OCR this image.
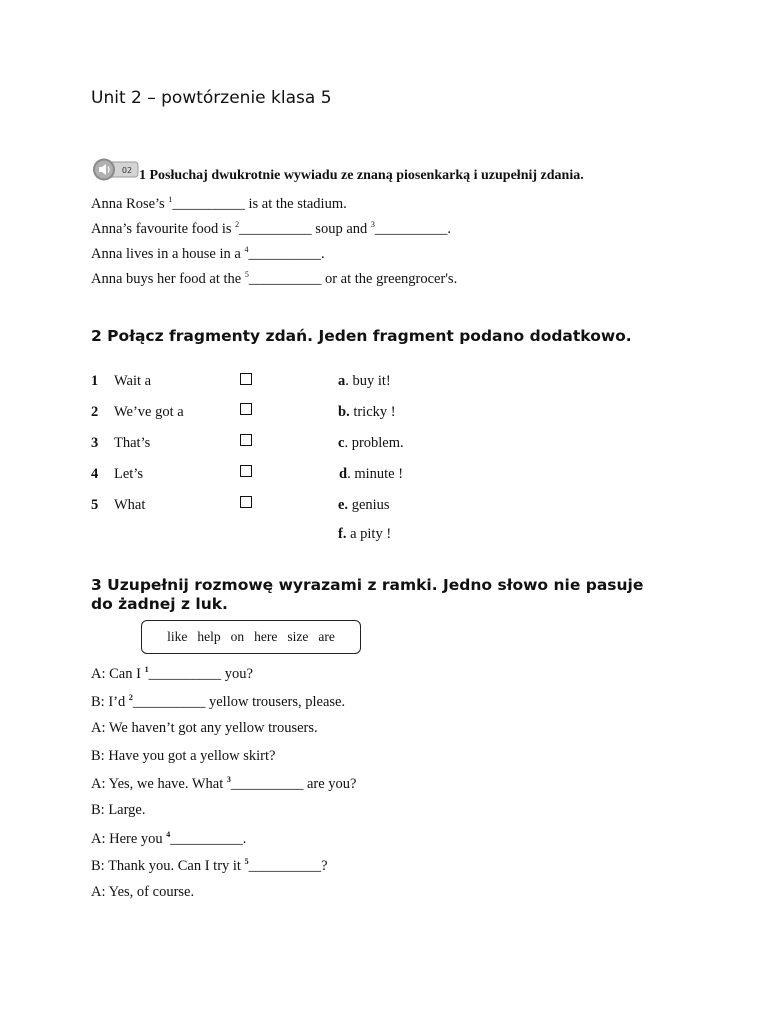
Unit 2 – powtórzenie klasa 5
02 1 Posłuchaj dwukrotnie wywiadu ze znaną piosenkarką i uzupełnij zdania.
Anna Rose’s $^1$__________ is at the stadium.
Anna’s favourite food is $^2$__________ soup and $^3$__________.
Anna lives in a house in a $^4$__________.
Anna buys her food at the $^5$__________ or at the greengrocer's.
2 Połącz fragmenty zdań. Jeden fragment podano dodatkowo.
1 Wait a	a. buy it!
2 We’ve got a	b. tricky !
3 That’s	c. problem.
4 Let’s	d. minute !
5 What	e. genius
f. a pity !
3 Uzupełnij rozmowę wyrazami z ramki. Jedno słowo nie pasuje do żadnej z luk.
like help on here size are
A: Can I $^1$__________ you?
B: I’d $^2$__________ yellow trousers, please.
A: We haven’t got any yellow trousers.
B: Have you got a yellow skirt?
A: Yes, we have. What $^3$__________ are you?
B: Large.
A: Here you $^4$__________.
B: Thank you. Can I try it $^5$__________?
A: Yes, of course.
